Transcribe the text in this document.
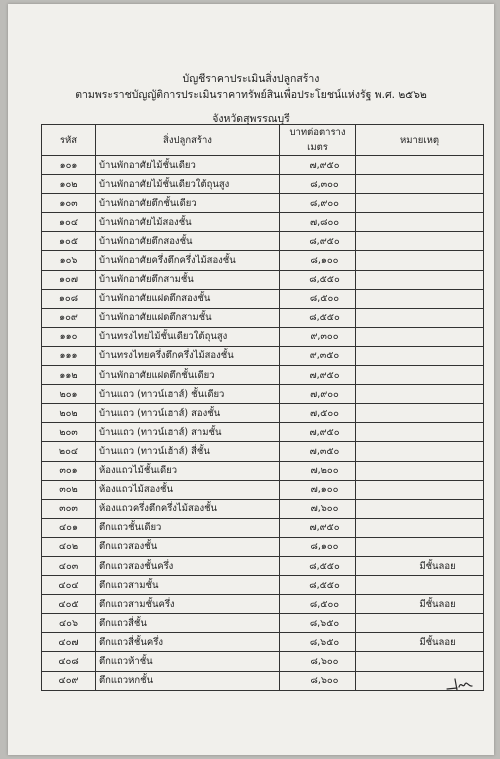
บัญชีราคาประเมินสิ่งปลูกสร้าง
ตามพระราชบัญญัติการประเมินราคาทรัพย์สินเพื่อประโยชน์แห่งรัฐ พ.ศ. ๒๕๖๒
จังหวัดสุพรรณบุรี
รหัส	สิ่งปลูกสร้าง	บาทต่อตารางเมตร	หมายเหตุ
๑๐๑	บ้านพักอาศัยไม้ชั้นเดียว	๗,๙๕๐	
๑๐๒	บ้านพักอาศัยไม้ชั้นเดียวใต้ถุนสูง	๘,๓๐๐	
๑๐๓	บ้านพักอาศัยตึกชั้นเดียว	๘,๙๐๐	
๑๐๔	บ้านพักอาศัยไม้สองชั้น	๗,๘๐๐	
๑๐๕	บ้านพักอาศัยตึกสองชั้น	๘,๙๕๐	
๑๐๖	บ้านพักอาศัยครึ่งตึกครึ่งไม้สองชั้น	๘,๑๐๐	
๑๐๗	บ้านพักอาศัยตึกสามชั้น	๘,๕๕๐	
๑๐๘	บ้านพักอาศัยแฝดตึกสองชั้น	๘,๕๐๐	
๑๐๙	บ้านพักอาศัยแฝดตึกสามชั้น	๘,๕๕๐	
๑๑๐	บ้านทรงไทยไม้ชั้นเดียวใต้ถุนสูง	๙,๓๐๐	
๑๑๑	บ้านทรงไทยครึ่งตึกครึ่งไม้สองชั้น	๙,๓๕๐	
๑๑๒	บ้านพักอาศัยแฝดตึกชั้นเดียว	๗,๙๕๐	
๒๐๑	บ้านแถว (ทาวน์เฮาส์) ชั้นเดียว	๗,๙๐๐	
๒๐๒	บ้านแถว (ทาวน์เฮาส์) สองชั้น	๗,๕๐๐	
๒๐๓	บ้านแถว (ทาวน์เฮาส์) สามชั้น	๗,๙๕๐	
๒๐๔	บ้านแถว (ทาวน์เฮ้าส์) สี่ชั้น	๗,๓๕๐	
๓๐๑	ห้องแถวไม้ชั้นเดียว	๗,๒๐๐	
๓๐๒	ห้องแถวไม้สองชั้น	๗,๑๐๐	
๓๐๓	ห้องแถวครึ่งตึกครึ่งไม้สองชั้น	๗,๖๐๐	
๔๐๑	ตึกแถวชั้นเดียว	๗,๙๕๐	
๔๐๒	ตึกแถวสองชั้น	๘,๑๐๐	
๔๐๓	ตึกแถวสองชั้นครึ่ง	๘,๕๕๐	มีชั้นลอย
๔๐๔	ตึกแถวสามชั้น	๘,๕๕๐	
๔๐๕	ตึกแถวสามชั้นครึ่ง	๘,๕๐๐	มีชั้นลอย
๔๐๖	ตึกแถวสี่ชั้น	๘,๖๕๐	
๔๐๗	ตึกแถวสี่ชั้นครึ่ง	๘,๖๕๐	มีชั้นลอย
๔๐๘	ตึกแถวห้าชั้น	๘,๖๐๐	
๔๐๙	ตึกแถวหกชั้น	๘,๖๐๐	
